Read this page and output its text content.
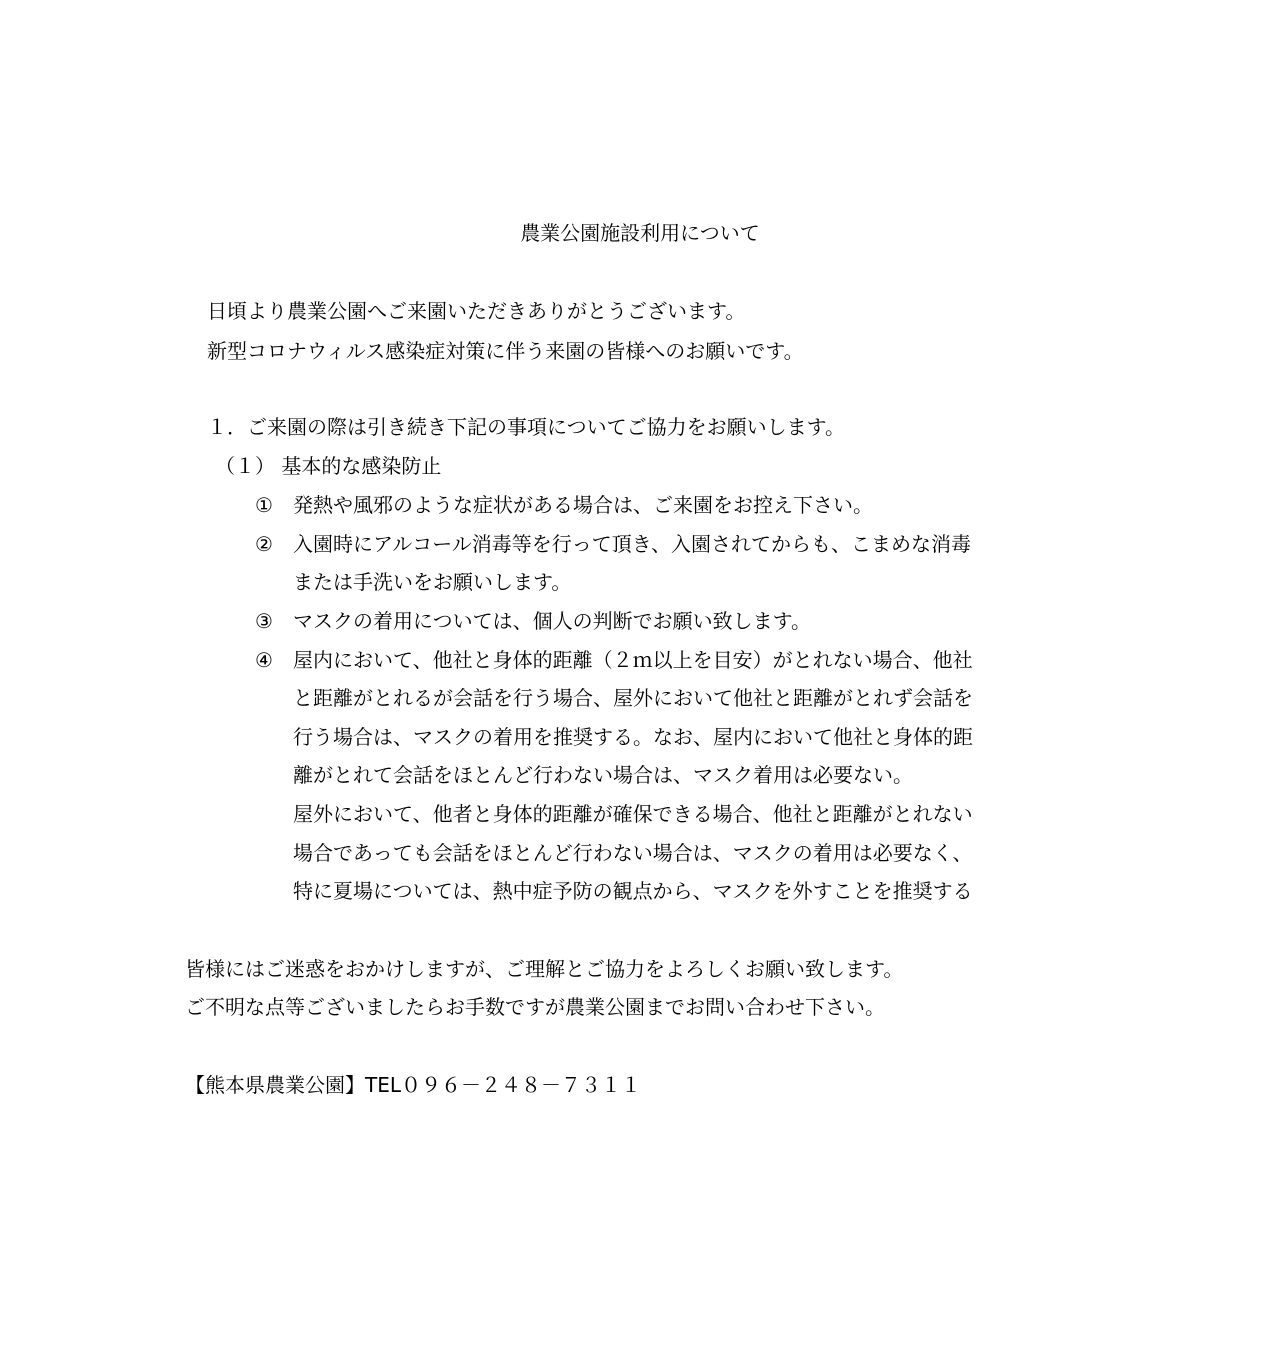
農業公園施設利用について

日頃より農業公園へご来園いただきありがとうございます。

新型コロナウィルス感染症対策に伴う来園の皆様へのお願いです。

１．ご来園の際は引き続き下記の事項についてご協力をお願いします。

（１） 基本的な感染防止

①	発熱や風邪のような症状がある場合は、ご来園をお控え下さい。

②	入園時にアルコール消毒等を行って頂き、入園されてからも、こまめな消毒

または手洗いをお願いします。

③	マスクの着用については、個人の判断でお願い致します。

④	屋内において、他社と身体的距離（２ｍ以上を目安）がとれない場合、他社

と距離がとれるが会話を行う場合、屋外において他社と距離がとれず会話を

行う場合は、マスクの着用を推奨する。なお、屋内において他社と身体的距

離がとれて会話をほとんど行わない場合は、マスク着用は必要ない。

屋外において、他者と身体的距離が確保できる場合、他社と距離がとれない

場合であっても会話をほとんど行わない場合は、マスクの着用は必要なく、

特に夏場については、熱中症予防の観点から、マスクを外すことを推奨する

皆様にはご迷惑をおかけしますが、ご理解とご協力をよろしくお願い致します。

ご不明な点等ございましたらお手数ですが農業公園までお問い合わせ下さい。

【熊本県農業公園】TEL０９６－２４８－７３１１
